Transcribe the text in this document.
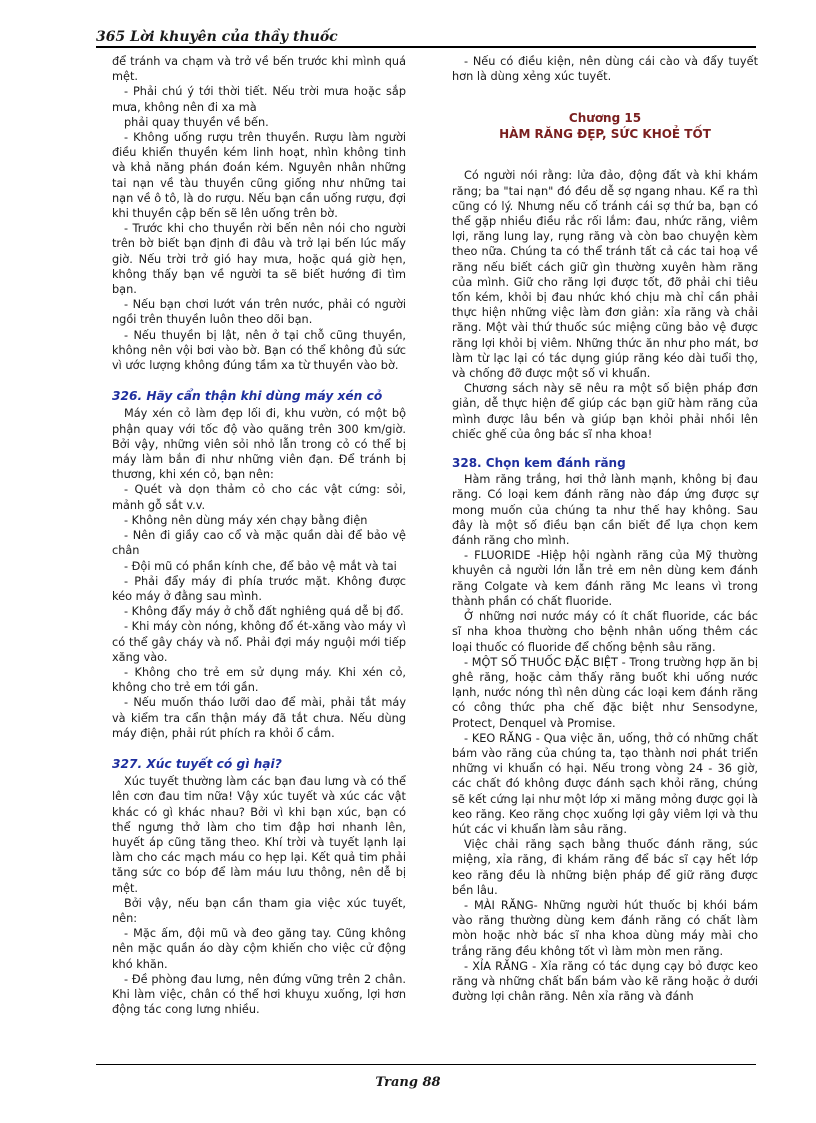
365 Lời khuyên của thầy thuốc

để tránh va chạm và trở về bến trước khi mình quá mệt.

- Phải chú ý tới thời tiết. Nếu trời mưa hoặc sắp mưa, không nên đi xa mà

phải quay thuyền về bến.

- Không uống rượu trên thuyền. Rượu làm người điều khiển thuyền kém linh hoạt, nhìn không tinh và khả năng phán đoán kém. Nguyên nhân những tai nạn về tàu thuyền cũng giống như những tai nạn về ô tô, là do rượu. Nếu bạn cần uống rượu, đợi khi thuyền cập bến sẽ lên uống trên bờ.

- Trước khi cho thuyền rời bến nên nói cho người trên bờ biết bạn định đi đâu và trở lại bến lúc mấy giờ. Nếu trời trở gió hay mưa, hoặc quá giờ hẹn, không thấy bạn về người ta sẽ biết hướng đi tìm bạn.

- Nếu bạn chơi lướt ván trên nước, phải có người ngồi trên thuyền luôn theo dõi bạn.

- Nếu thuyền bị lật, nên ở tại chỗ cũng thuyền, không nên vội bơi vào bờ. Bạn có thể không đủ sức vì ước lượng không đúng tầm xa từ thuyền vào bờ.

326. Hãy cẩn thận khi dùng máy xén cỏ

Máy xén cỏ làm đẹp lối đi, khu vườn, có một bộ phận quay với tốc độ vào quãng trên 300 km/giờ. Bởi vậy, những viên sỏi nhỏ lẫn trong cỏ có thể bị máy làm bắn đi như những viên đạn. Để tránh bị thương, khi xén cỏ, bạn nên:

- Quét và dọn thảm cỏ cho các vật cứng: sỏi, mảnh gỗ sắt v.v.

- Không nên dùng máy xén chạy bằng điện

- Nên đi giầy cao cổ và mặc quần dài để bảo vệ chân

- Đội mũ có phần kính che, để bảo vệ mắt và tai

- Phải đẩy máy đi phía trước mặt. Không được kéo máy ở đằng sau mình.

- Không đẩy máy ở chỗ đất nghiêng quá dễ bị đổ.

- Khi máy còn nóng, không đổ ét-xăng vào máy vì có thể gây cháy và nổ. Phải đợi máy nguội mới tiếp xăng vào.

- Không cho trẻ em sử dụng máy. Khi xén cỏ, không cho trẻ em tới gần.

- Nếu muốn tháo lưỡi dao để mài, phải tắt máy và kiểm tra cẩn thận máy đã tắt chưa. Nếu dùng máy điện, phải rút phích ra khỏi ổ cắm.

327. Xúc tuyết có gì hại?

Xúc tuyết thường làm các bạn đau lưng và có thể lên cơn đau tim nữa! Vậy xúc tuyết và xúc các vật khác có gì khác nhau? Bởi vì khi bạn xúc, bạn có thể ngưng thở làm cho tim đập hơi nhanh lên, huyết áp cũng tăng theo. Khí trời và tuyết lạnh lại làm cho các mạch máu co hẹp lại. Kết quả tim phải tăng sức co bóp để làm máu lưu thông, nên dễ bị mệt.

Bởi vậy, nếu bạn cần tham gia việc xúc tuyết, nên:

- Mặc ấm, đội mũ và đeo găng tay. Cũng không nên mặc quần áo dày cộm khiến cho việc cử động khó khăn.

- Đề phòng đau lưng, nên đứng vững trên 2 chân. Khi làm việc, chân có thể hơi khuỵu xuống, lợi hơn động tác cong lưng nhiều.

- Nếu có điều kiện, nên dùng cái cào và đẩy tuyết hơn là dùng xẻng xúc tuyết.

Chương 15
HÀM RĂNG ĐẸP, SỨC KHOẺ TỐT

Có người nói rằng: lửa đảo, động đất và khi khám răng; ba "tai nạn" đó đều dễ sợ ngang nhau. Kể ra thì cũng có lý. Nhưng nếu cố tránh cái sợ thứ ba, bạn có thể gặp nhiều điều rắc rối lắm: đau, nhức răng, viêm lợi, răng lung lay, rụng răng và còn bao chuyện kèm theo nữa. Chúng ta có thể tránh tất cả các tai hoạ về răng nếu biết cách giữ gìn thường xuyên hàm răng của mình. Giữ cho răng lợi được tốt, đỡ phải chi tiêu tốn kém, khỏi bị đau nhức khó chịu mà chỉ cần phải thực hiện những việc làm đơn giản: xỉa răng và chải răng. Một vài thứ thuốc súc miệng cũng bảo vệ được răng lợi khỏi bị viêm. Những thức ăn như pho mát, bơ làm từ lạc lại có tác dụng giúp răng kéo dài tuổi thọ, và chống đỡ được một số vi khuẩn.

Chương sách này sẽ nêu ra một số biện pháp đơn giản, dễ thực hiện để giúp các bạn giữ hàm răng của mình được lâu bền và giúp bạn khỏi phải nhồi lên chiếc ghế của ông bác sĩ nha khoa!

328. Chọn kem đánh răng

Hàm răng trắng, hơi thở lành mạnh, không bị đau răng. Có loại kem đánh răng nào đáp ứng được sự mong muốn của chúng ta như thế hay không. Sau đây là một số điều bạn cần biết để lựa chọn kem đánh răng cho mình.

- FLUORIDE -Hiệp hội ngành răng của Mỹ thường khuyên cả người lớn lẫn trẻ em nên dùng kem đánh răng Colgate và kem đánh răng Mc leans vì trong thành phần có chất fluoride.

Ở những nơi nước máy có ít chất fluoride, các bác sĩ nha khoa thường cho bệnh nhân uống thêm các loại thuốc có fluoride để chống bệnh sâu răng.

- MỘT SỐ THUỐC ĐẶC BIỆT - Trong trường hợp ăn bị ghê răng, hoặc cảm thấy răng buốt khi uống nước lạnh, nước nóng thì nên dùng các loại kem đánh răng có công thức pha chế đặc biệt như Sensodyne, Protect, Denquel và Promise.

- KEO RĂNG - Qua việc ăn, uống, thở có những chất bám vào răng của chúng ta, tạo thành nơi phát triển những vi khuẩn có hại. Nếu trong vòng 24 - 36 giờ, các chất đó không được đánh sạch khỏi răng, chúng sẽ kết cứng lại như một lớp xi măng mỏng được gọi là keo răng. Keo răng chọc xuống lợi gây viêm lợi và thu hút các vi khuẩn làm sâu răng.

Việc chải răng sạch bằng thuốc đánh răng, súc miệng, xỉa răng, đi khám răng để bác sĩ cạy hết lớp keo răng đều là những biện pháp để giữ răng được bền lâu.

- MÀI RĂNG- Những người hút thuốc bị khói bám vào răng thường dùng kem đánh răng có chất làm mòn hoặc nhờ bác sĩ nha khoa dùng máy mài cho trắng răng đều không tốt vì làm mòn men răng.

- XỈA RĂNG - Xỉa răng có tác dụng cạy bỏ được keo răng và những chất bẩn bám vào kẽ răng hoặc ở dưới đường lợi chân răng. Nên xỉa răng và đánh

Trang 88
